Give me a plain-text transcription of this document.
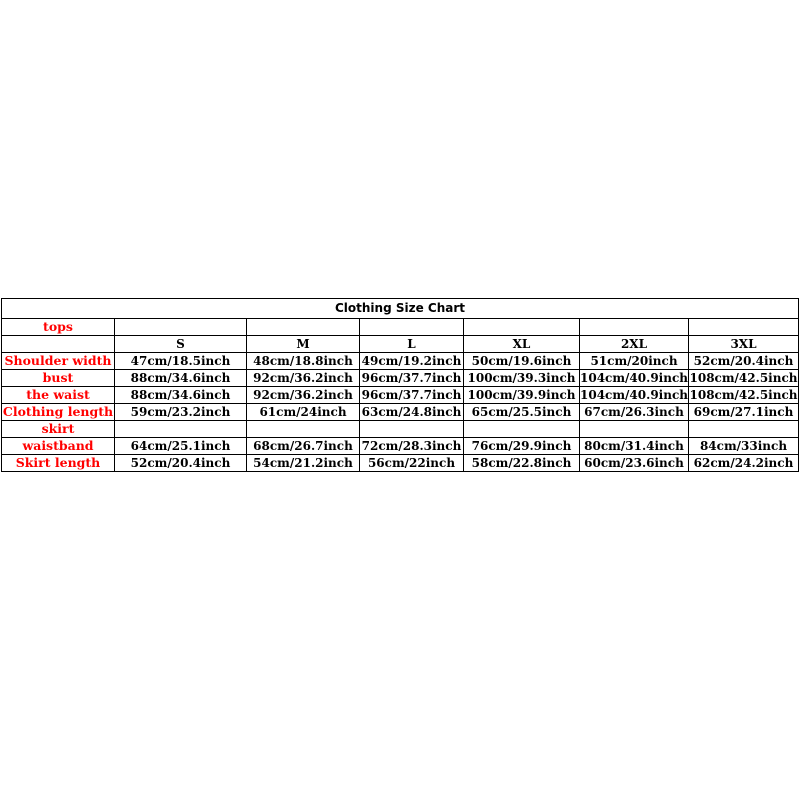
Clothing Size Chart						
tops						
	S	M	L	XL	2XL	3XL
Shoulder width	47cm/18.5inch	48cm/18.8inch	49cm/19.2inch	50cm/19.6inch	51cm/20inch	52cm/20.4inch
bust	88cm/34.6inch	92cm/36.2inch	96cm/37.7inch	100cm/39.3inch	104cm/40.9inch	108cm/42.5inch
the waist	88cm/34.6inch	92cm/36.2inch	96cm/37.7inch	100cm/39.9inch	104cm/40.9inch	108cm/42.5inch
Clothing length	59cm/23.2inch	61cm/24inch	63cm/24.8inch	65cm/25.5inch	67cm/26.3inch	69cm/27.1inch
skirt						
waistband	64cm/25.1inch	68cm/26.7inch	72cm/28.3inch	76cm/29.9inch	80cm/31.4inch	84cm/33inch
Skirt length	52cm/20.4inch	54cm/21.2inch	56cm/22inch	58cm/22.8inch	60cm/23.6inch	62cm/24.2inch
